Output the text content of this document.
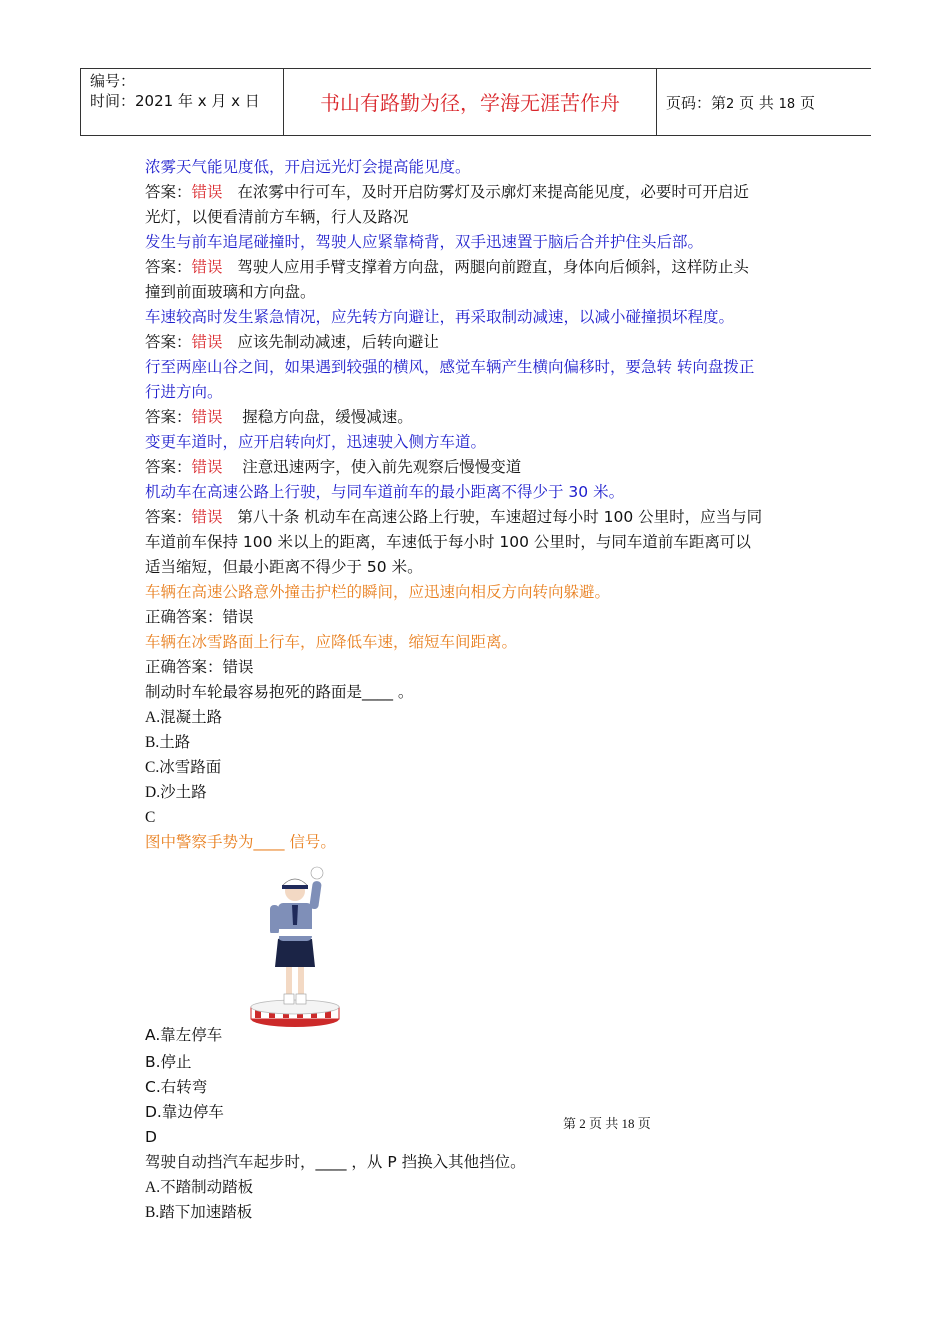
编号：
时间：2021 年 x 月 x 日	书山有路勤为径，学海无涯苦作舟	页码：第2 页 共 18 页
浓雾天气能见度低，开启远光灯会提高能见度。
答案：错误 在浓雾中行可车，及时开启防雾灯及示廓灯来提高能见度，必要时可开启近
光灯，以便看清前方车辆，行人及路况
发生与前车追尾碰撞时，驾驶人应紧靠椅背，双手迅速置于脑后合并护住头后部。
答案：错误 驾驶人应用手臂支撑着方向盘，两腿向前蹬直，身体向后倾斜，这样防止头
撞到前面玻璃和方向盘。
车速较高时发生紧急情况，应先转方向避让，再采取制动减速，以减小碰撞损坏程度。
答案：错误 应该先制动减速，后转向避让
行至两座山谷之间，如果遇到较强的横风，感觉车辆产生横向偏移时，要急转 转向盘拨正
行进方向。
答案：错误    握稳方向盘，缓慢减速。
变更车道时，应开启转向灯，迅速驶入侧方车道。
答案：错误    注意迅速两字，使入前先观察后慢慢变道
机动车在高速公路上行驶，与同车道前车的最小距离不得少于 30 米。
答案：错误 第八十条 机动车在高速公路上行驶，车速超过每小时 100 公里时，应当与同
车道前车保持 100 米以上的距离，车速低于每小时 100 公里时，与同车道前车距离可以
适当缩短，但最小距离不得少于 50 米。
车辆在高速公路意外撞击护栏的瞬间，应迅速向相反方向转向躲避。
正确答案：错误
车辆在冰雪路面上行车，应降低车速，缩短车间距离。
正确答案：错误
制动时车轮最容易抱死的路面是____ 。
A.混凝土路
B.土路
C.冰雪路面
D.沙土路
C
图中警察手势为____ 信号。
A.靠左停车
B.停止
C.右转弯
D.靠边停车
D
驾驶自动挡汽车起步时，____ ，从 P 挡换入其他挡位。
A.不踏制动踏板
B.踏下加速踏板
第 2 页 共 18 页
